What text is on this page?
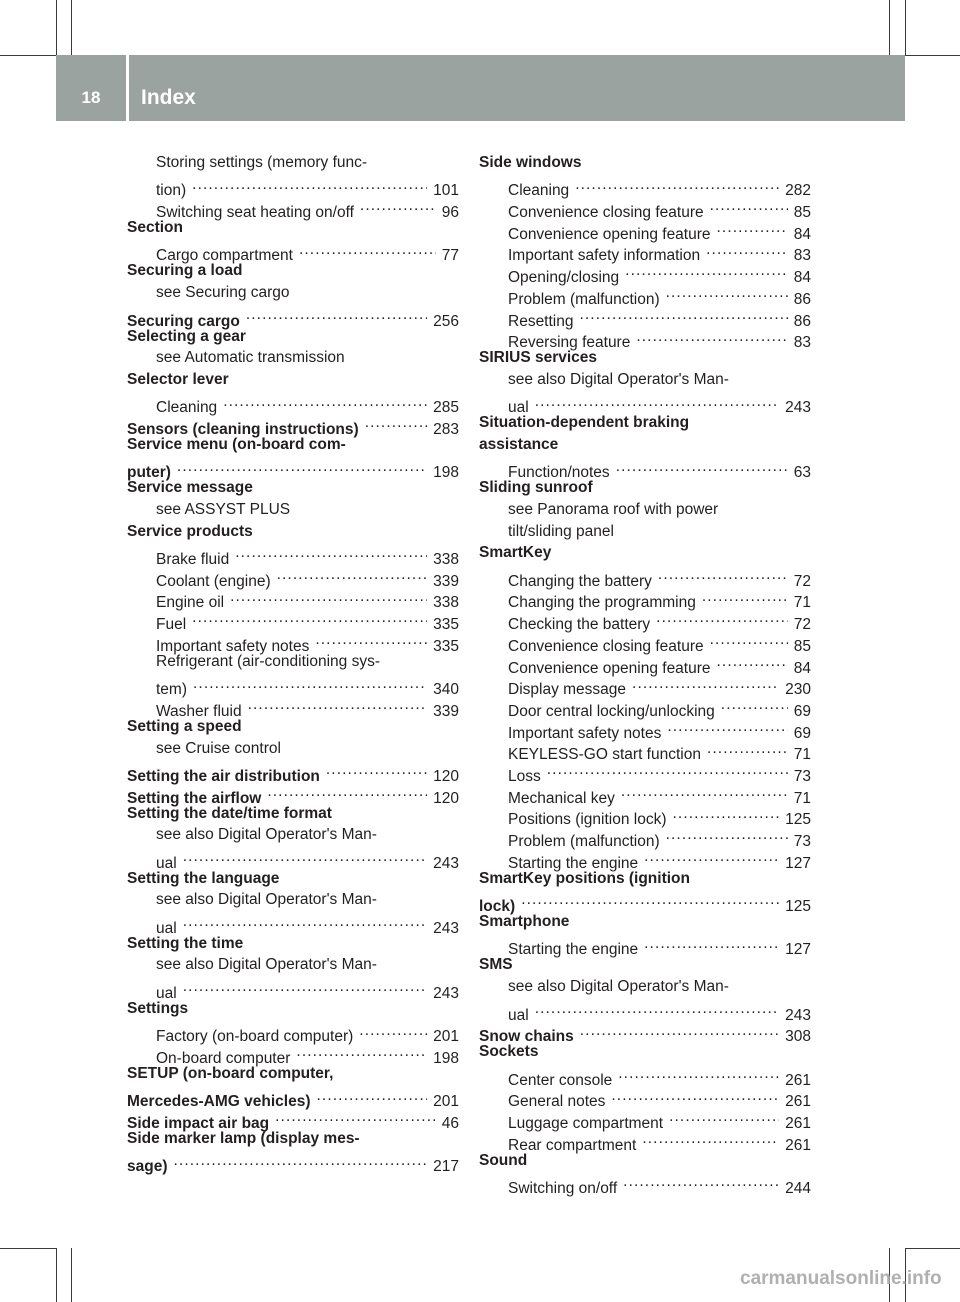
18	Index
Storing settings (memory func-
tion) . . .	101
Switching seat heating on/off . . .	96
Section
Cargo compartment . . .	77
Securing a load
see Securing cargo
Securing cargo . . .	256
Selecting a gear
see Automatic transmission
Selector lever
Cleaning . . .	285
Sensors (cleaning instructions) . . .	283
Service menu (on-board com-
puter) . . .	198
Service message
see ASSYST PLUS
Service products
Brake fluid . . .	338
Coolant (engine) . . .	339
Engine oil . . .	338
Fuel . . .	335
Important safety notes . . .	335
Refrigerant (air-conditioning sys-
tem) . . .	340
Washer fluid . . .	339
Setting a speed
see Cruise control
Setting the air distribution . . .	120
Setting the airflow . . .	120
Setting the date/time format
see also Digital Operator's Man-
ual . . .	243
Setting the language
see also Digital Operator's Man-
ual . . .	243
Setting the time
see also Digital Operator's Man-
ual . . .	243
Settings
Factory (on-board computer) . . .	201
On-board computer . . .	198
SETUP (on-board computer,
Mercedes-AMG vehicles) . . .	201
Side impact air bag . . .	46
Side marker lamp (display mes-
sage) . . .	217
Side windows
Cleaning . . .	282
Convenience closing feature . . .	85
Convenience opening feature . . .	84
Important safety information . . .	83
Opening/closing . . .	84
Problem (malfunction) . . .	86
Resetting . . .	86
Reversing feature . . .	83
SIRIUS services
see also Digital Operator's Man-
ual . . .	243
Situation-dependent braking
assistance
Function/notes . . .	63
Sliding sunroof
see Panorama roof with power
tilt/sliding panel
SmartKey
Changing the battery . . .	72
Changing the programming . . .	71
Checking the battery . . .	72
Convenience closing feature . . .	85
Convenience opening feature . . .	84
Display message . . .	230
Door central locking/unlocking . . .	69
Important safety notes . . .	69
KEYLESS-GO start function . . .	71
Loss . . .	73
Mechanical key . . .	71
Positions (ignition lock) . . .	125
Problem (malfunction) . . .	73
Starting the engine . . .	127
SmartKey positions (ignition
lock) . . .	125
Smartphone
Starting the engine . . .	127
SMS
see also Digital Operator's Man-
ual . . .	243
Snow chains . . .	308
Sockets
Center console . . .	261
General notes . . .	261
Luggage compartment . . .	261
Rear compartment . . .	261
Sound
Switching on/off . . .	244
carmanualsonline.info
